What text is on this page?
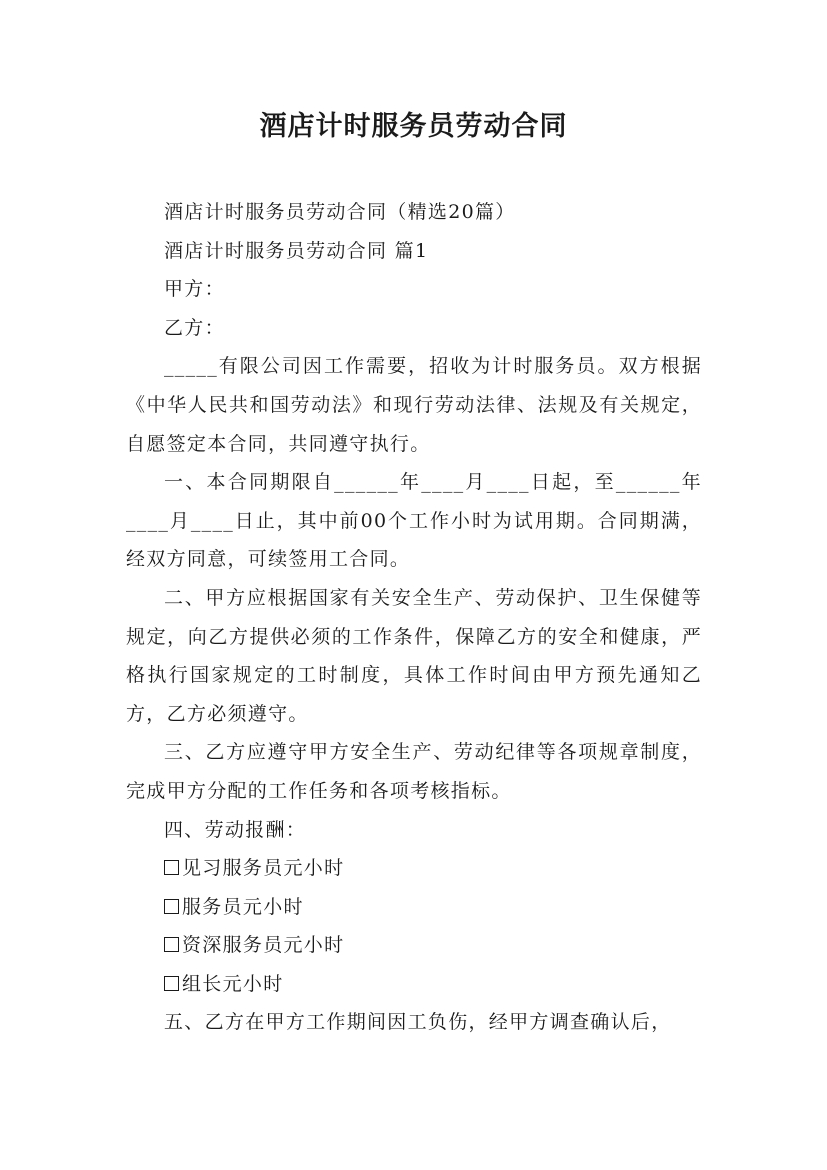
酒店计时服务员劳动合同

酒店计时服务员劳动合同（精选20篇）

酒店计时服务员劳动合同 篇1

甲方：

乙方：

_____有限公司因工作需要，招收为计时服务员。双方根据《中华人民共和国劳动法》和现行劳动法律、法规及有关规定，自愿签定本合同，共同遵守执行。

一、本合同期限自______年____月____日起，至______年____月____日止，其中前00个工作小时为试用期。合同期满，经双方同意，可续签用工合同。

二、甲方应根据国家有关安全生产、劳动保护、卫生保健等规定，向乙方提供必须的工作条件，保障乙方的安全和健康，严格执行国家规定的工时制度，具体工作时间由甲方预先通知乙方，乙方必须遵守。

三、乙方应遵守甲方安全生产、劳动纪律等各项规章制度，完成甲方分配的工作任务和各项考核指标。

四、劳动报酬：

见习服务员元小时
服务员元小时
资深服务员元小时
组长元小时

五、乙方在甲方工作期间因工负伤，经甲方调查确认后，
